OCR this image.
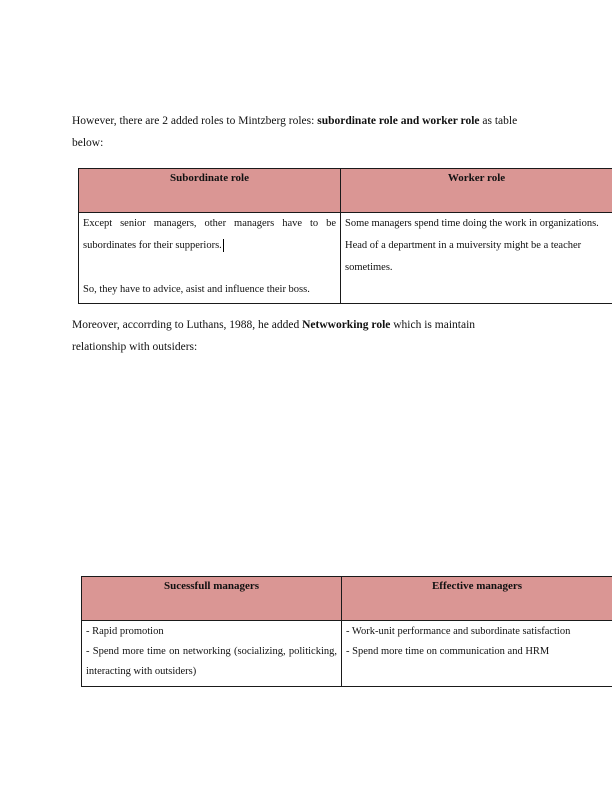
However, there are 2 added roles to Mintzberg roles: subordinate role and worker role as table
below:

Subordinate role	Worker role

Except senior managers, other managers have to be
subordinates for their supperiors.
So, they have to advice, asist and influence their boss.	Some managers spend time doing the work in organizations.
Head of a department in a muiversity might be a teacher
sometimes.

Moreover, accorrding to Luthans, 1988, he added Netwworking role which is maintain
relationship with outsiders:

Sucessfull managers	Effective managers

- Rapid promotion
- Spend more time on networking (socializing, politicking,
interacting with outsiders)	- Work-unit performance and subordinate satisfaction
- Spend more time on communication and HRM
